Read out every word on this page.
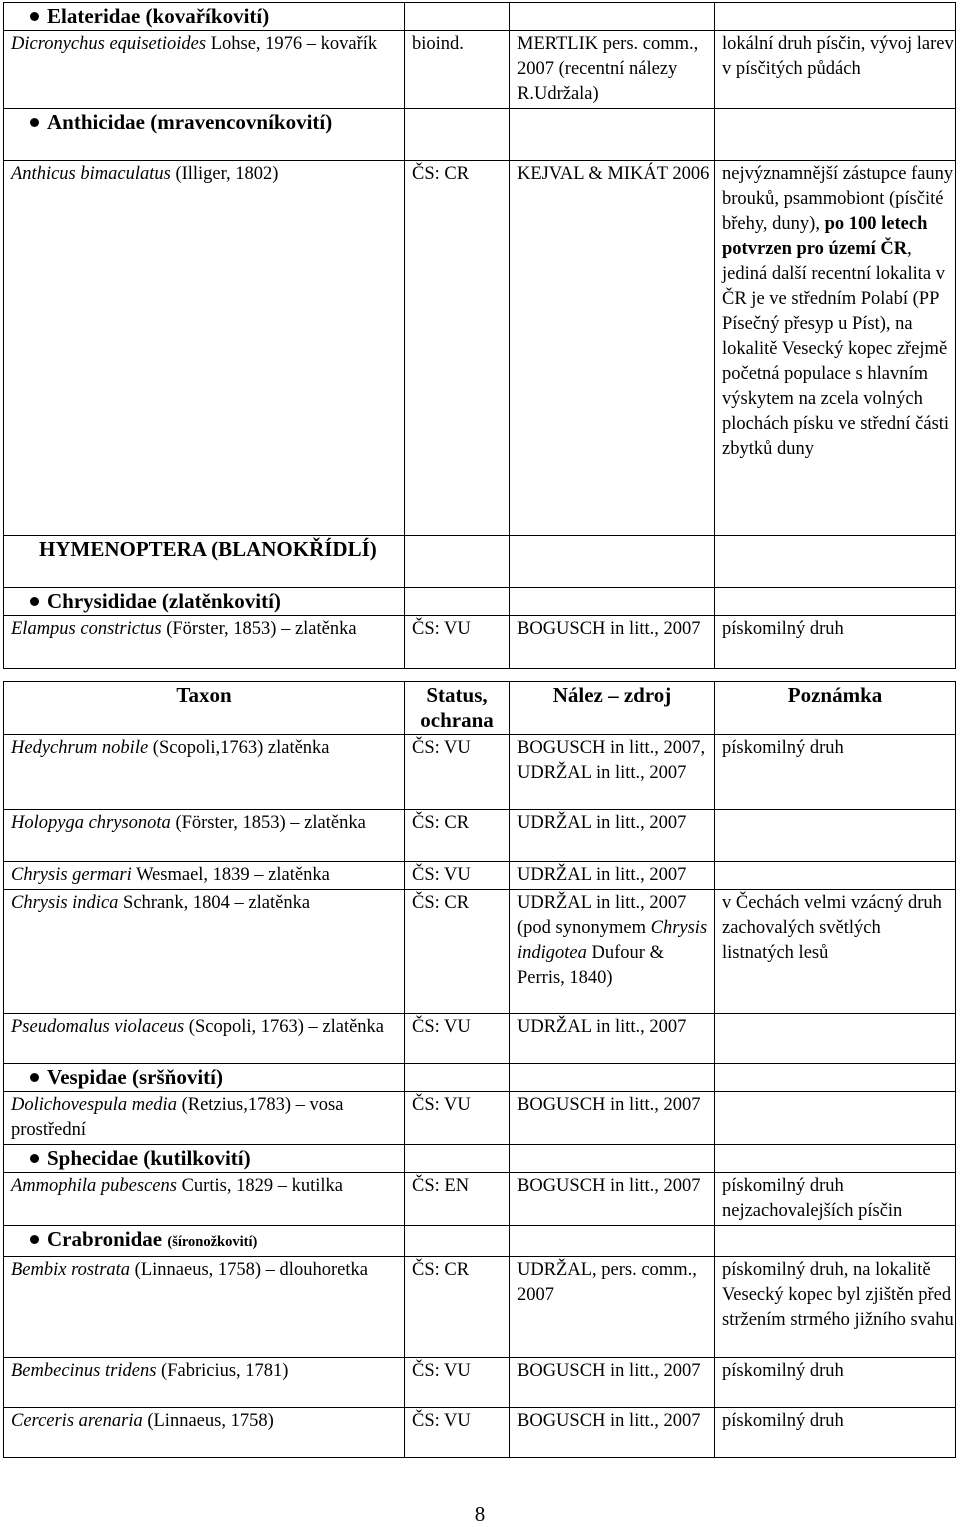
Elateridae (kovaříkovití)			
Dicronychus equisetioides Lohse, 1976 – kovařík	bioind.	MERTLIK pers. comm., 2007 (recentní nálezy R.Udržala)	lokální druh písčin, vývoj larev v písčitých půdách
Anthicidae (mravencovníkovití)			
Anthicus bimaculatus (Illiger, 1802)	ČS: CR	KEJVAL & MIKÁT 2006	nejvýznamnější zástupce fauny brouků, psammobiont (písčité břehy, duny), po 100 letech potvrzen pro území ČR, jediná další recentní lokalita v ČR je ve středním Polabí (PP Písečný přesyp u Píst), na lokalitě Vesecký kopec zřejmě početná populace s hlavním výskytem na zcela volných plochách písku ve střední části zbytků duny
HYMENOPTERA (BLANOKŘÍDLÍ)			
Chrysididae (zlatěnkovití)			
Elampus constrictus (Förster, 1853) – zlatěnka	ČS: VU	BOGUSCH in litt., 2007	pískomilný druh
Taxon	Status, ochrana	Nález – zdroj	Poznámka
Hedychrum nobile (Scopoli,1763) zlatěnka	ČS: VU	BOGUSCH in litt., 2007, UDRŽAL in litt., 2007	pískomilný druh
Holopyga chrysonota (Förster, 1853) – zlatěnka	ČS: CR	UDRŽAL in litt., 2007	
Chrysis germari Wesmael, 1839 – zlatěnka	ČS: VU	UDRŽAL in litt., 2007	
Chrysis indica Schrank, 1804 – zlatěnka	ČS: CR	UDRŽAL in litt., 2007 (pod synonymem Chrysis indigotea Dufour & Perris, 1840)	v Čechách velmi vzácný druh zachovalých světlých listnatých lesů
Pseudomalus violaceus (Scopoli, 1763) – zlatěnka	ČS: VU	UDRŽAL in litt., 2007	
Vespidae (sršňovití)			
Dolichovespula media (Retzius,1783) – vosa prostřední	ČS: VU	BOGUSCH in litt., 2007	
Sphecidae (kutilkovití)			
Ammophila pubescens Curtis, 1829 – kutilka	ČS: EN	BOGUSCH in litt., 2007	pískomilný druh nejzachovalejších písčin
Crabronidae (šíronožkovití)			
Bembix rostrata (Linnaeus, 1758) – dlouhoretka	ČS: CR	UDRŽAL, pers. comm., 2007	pískomilný druh, na lokalitě Vesecký kopec byl zjištěn před stržením strmého jižního svahu
Bembecinus tridens (Fabricius, 1781)	ČS: VU	BOGUSCH in litt., 2007	pískomilný druh
Cerceris arenaria (Linnaeus, 1758)	ČS: VU	BOGUSCH in litt., 2007	pískomilný druh
8
